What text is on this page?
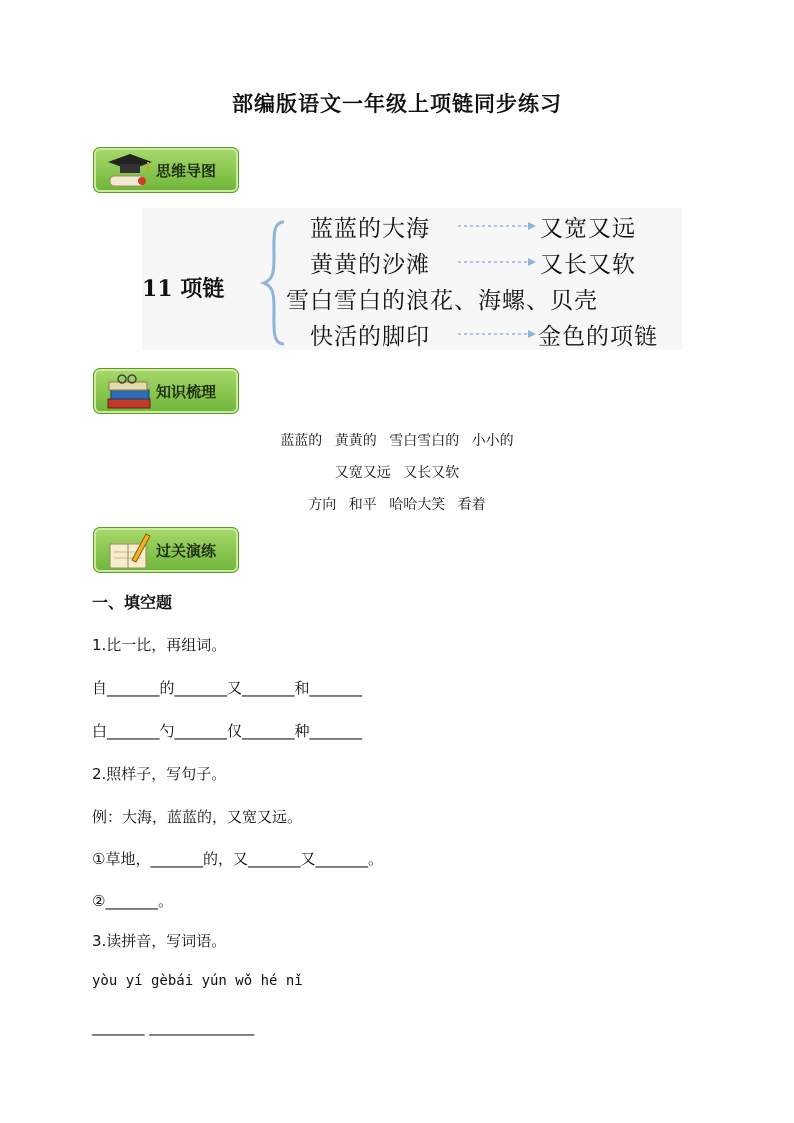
部编版语文一年级上项链同步练习
思维导图
11 项链
蓝蓝的大海	又宽又远
黄黄的沙滩	又长又软
雪白雪白的浪花、海螺、贝壳
快活的脚印	金色的项链
知识梳理
蓝蓝的 黄黄的 雪白雪白的 小小的
又宽又远 又长又软
方向 和平 哈哈大笑 看着
过关演练
一、填空题
1.比一比，再组词。
自_______的_______又_______和_______
白_______勺_______仅_______种_______
2.照样子，写句子。
例：大海，蓝蓝的，又宽又远。
①草地，_______的，又_______又_______。
②_______。
3.读拼音，写词语。
yòu yí gèbái yún wǒ hé nǐ
_______ ______________
